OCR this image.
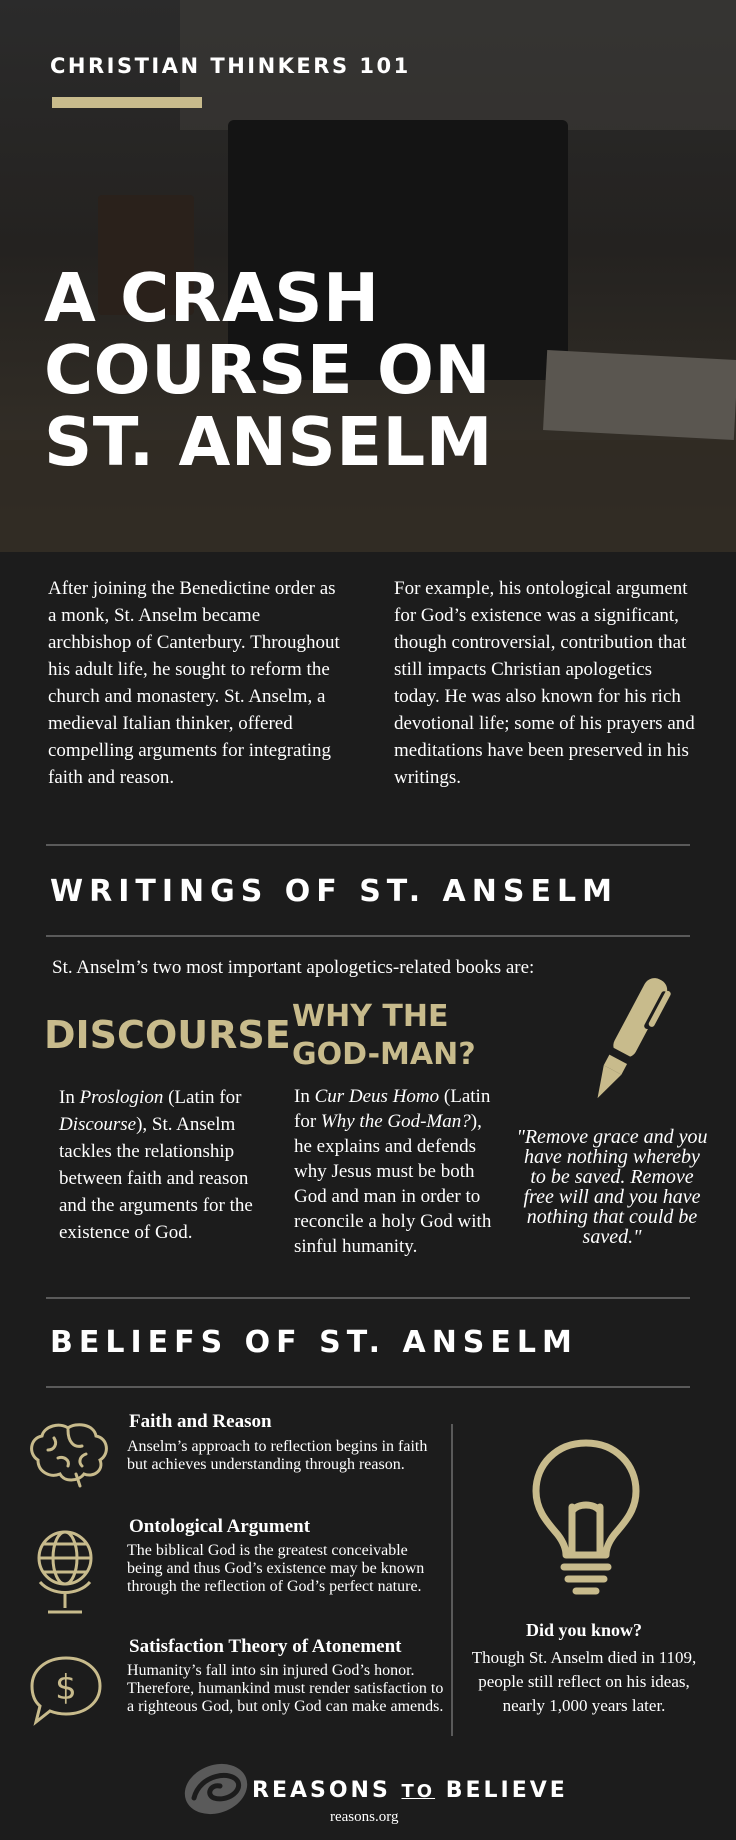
CHRISTIAN THINKERS 101
A CRASH
COURSE ON
ST. ANSELM

After joining the Benedictine order as a monk, St. Anselm became archbishop of Canterbury. Throughout his adult life, he sought to reform the church and monastery. St. Anselm, a medieval Italian thinker, offered compelling arguments for integrating faith and reason.

For example, his ontological argument for God’s existence was a significant, though controversial, contribution that still impacts Christian apologetics today. He was also known for his rich devotional life; some of his prayers and meditations have been preserved in his writings.

WRITINGS OF ST. ANSELM

St. Anselm’s two most important apologetics-related books are:

DISCOURSE

In Proslogion (Latin for Discourse), St. Anselm tackles the relationship between faith and reason and the arguments for the existence of God.

WHY THE
GOD-MAN?

In Cur Deus Homo (Latin for Why the God-Man?), he explains and defends why Jesus must be both God and man in order to reconcile a holy God with sinful humanity.

"Remove grace and you have nothing whereby to be saved. Remove free will and you have nothing that could be saved."

BELIEFS OF ST. ANSELM
Faith and Reason

Anselm’s approach to reflection begins in faith but achieves understanding through reason.

Ontological Argument

The biblical God is the greatest conceivable being and thus God’s existence may be known through the reflection of God’s perfect nature.

$
Satisfaction Theory of Atonement

Humanity’s fall into sin injured God’s honor. Therefore, humankind must render satisfaction to a righteous God, but only God can make amends.

Did you know?

Though St. Anselm died in 1109, people still reflect on his ideas, nearly 1,000 years later.

REASONS TO BELIEVE
reasons.org
